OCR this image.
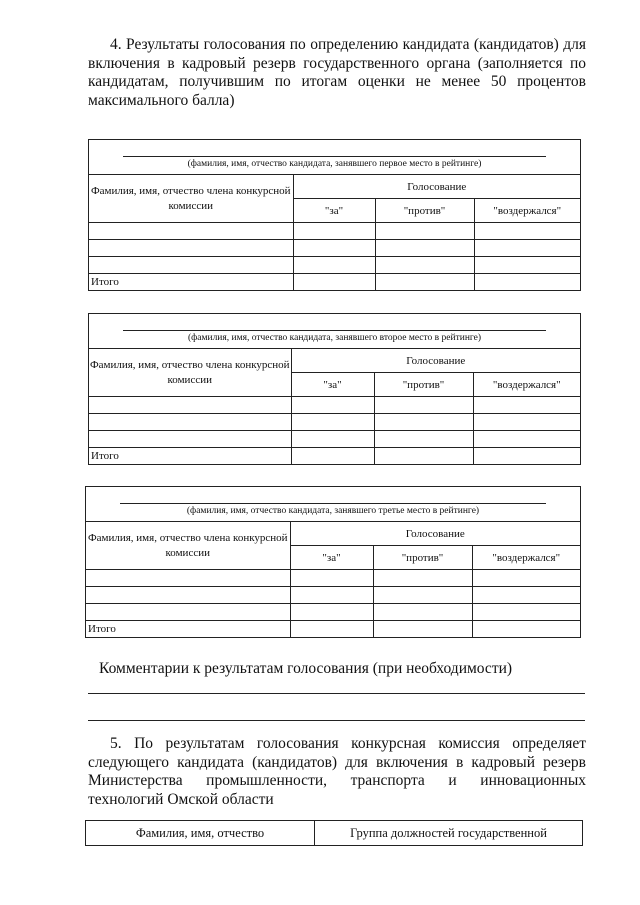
4. Результаты голосования по определению кандидата (кандидатов) для включения в кадровый резерв государственного органа (заполняется по кандидатам, получившим по итогам оценки не менее 50 процентов максимального балла)

(фамилия, имя, отчество кандидата, занявшего первое место в рейтинге)			

Фамилия, имя, отчество члена конкурсной комиссии	Голосование		
	"за"	"против"	"воздержался"

Итого			
(фамилия, имя, отчество кандидата, занявшего второе место в рейтинге)			

Фамилия, имя, отчество члена конкурсной комиссии	Голосование		
	"за"	"против"	"воздержался"

Итого			
(фамилия, имя, отчество кандидата, занявшего третье место в рейтинге)			

Фамилия, имя, отчество члена конкурсной комиссии	Голосование		
	"за"	"против"	"воздержался"

Итого			
Комментарии к результатам голосования (при необходимости)

5. По результатам голосования конкурсная комиссия определяет следующего кандидата (кандидатов) для включения в кадровый резерв Министерства промышленности, транспорта и инновационных технологий Омской области

Фамилия, имя, отчество	Группа должностей государственной
